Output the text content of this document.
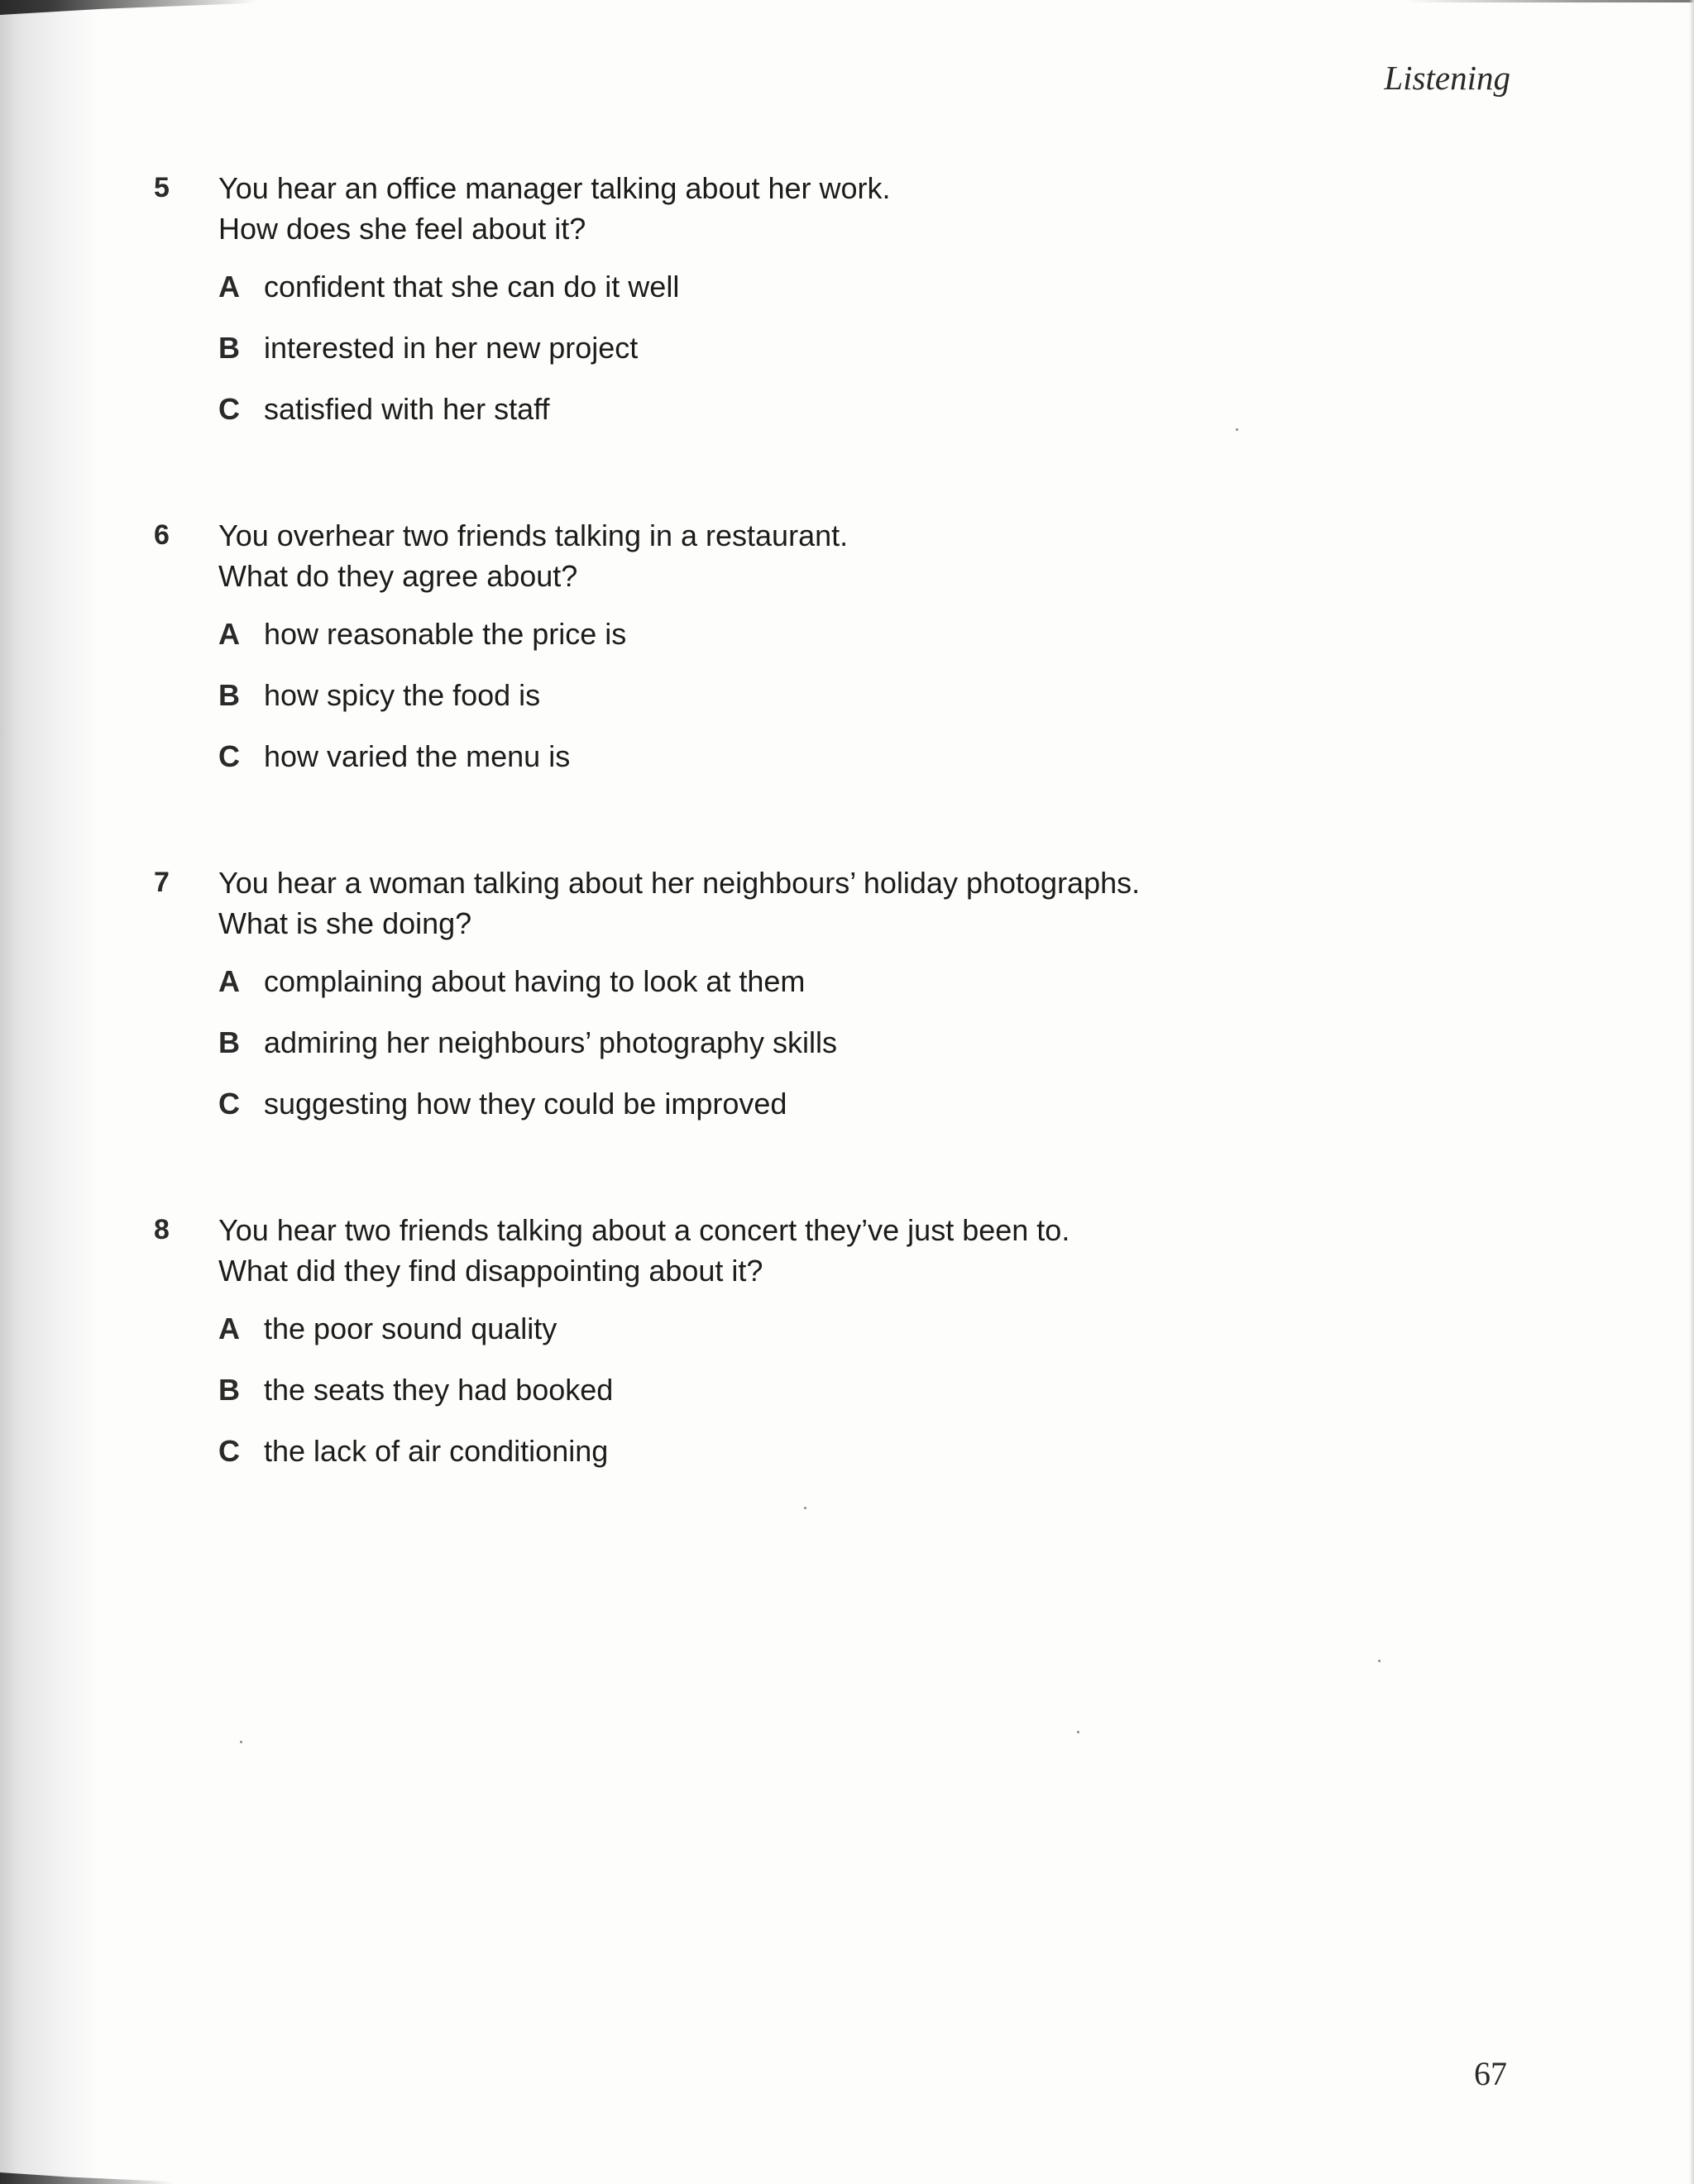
Listening
5 You hear an office manager talking about her work.
How does she feel about it?
A confident that she can do it well
B interested in her new project
C satisfied with her staff
6 You overhear two friends talking in a restaurant.
What do they agree about?
A how reasonable the price is
B how spicy the food is
C how varied the menu is
7 You hear a woman talking about her neighbours’ holiday photographs.
What is she doing?
A complaining about having to look at them
B admiring her neighbours’ photography skills
C suggesting how they could be improved
8 You hear two friends talking about a concert they’ve just been to.
What did they find disappointing about it?
A the poor sound quality
B the seats they had booked
C the lack of air conditioning
67
